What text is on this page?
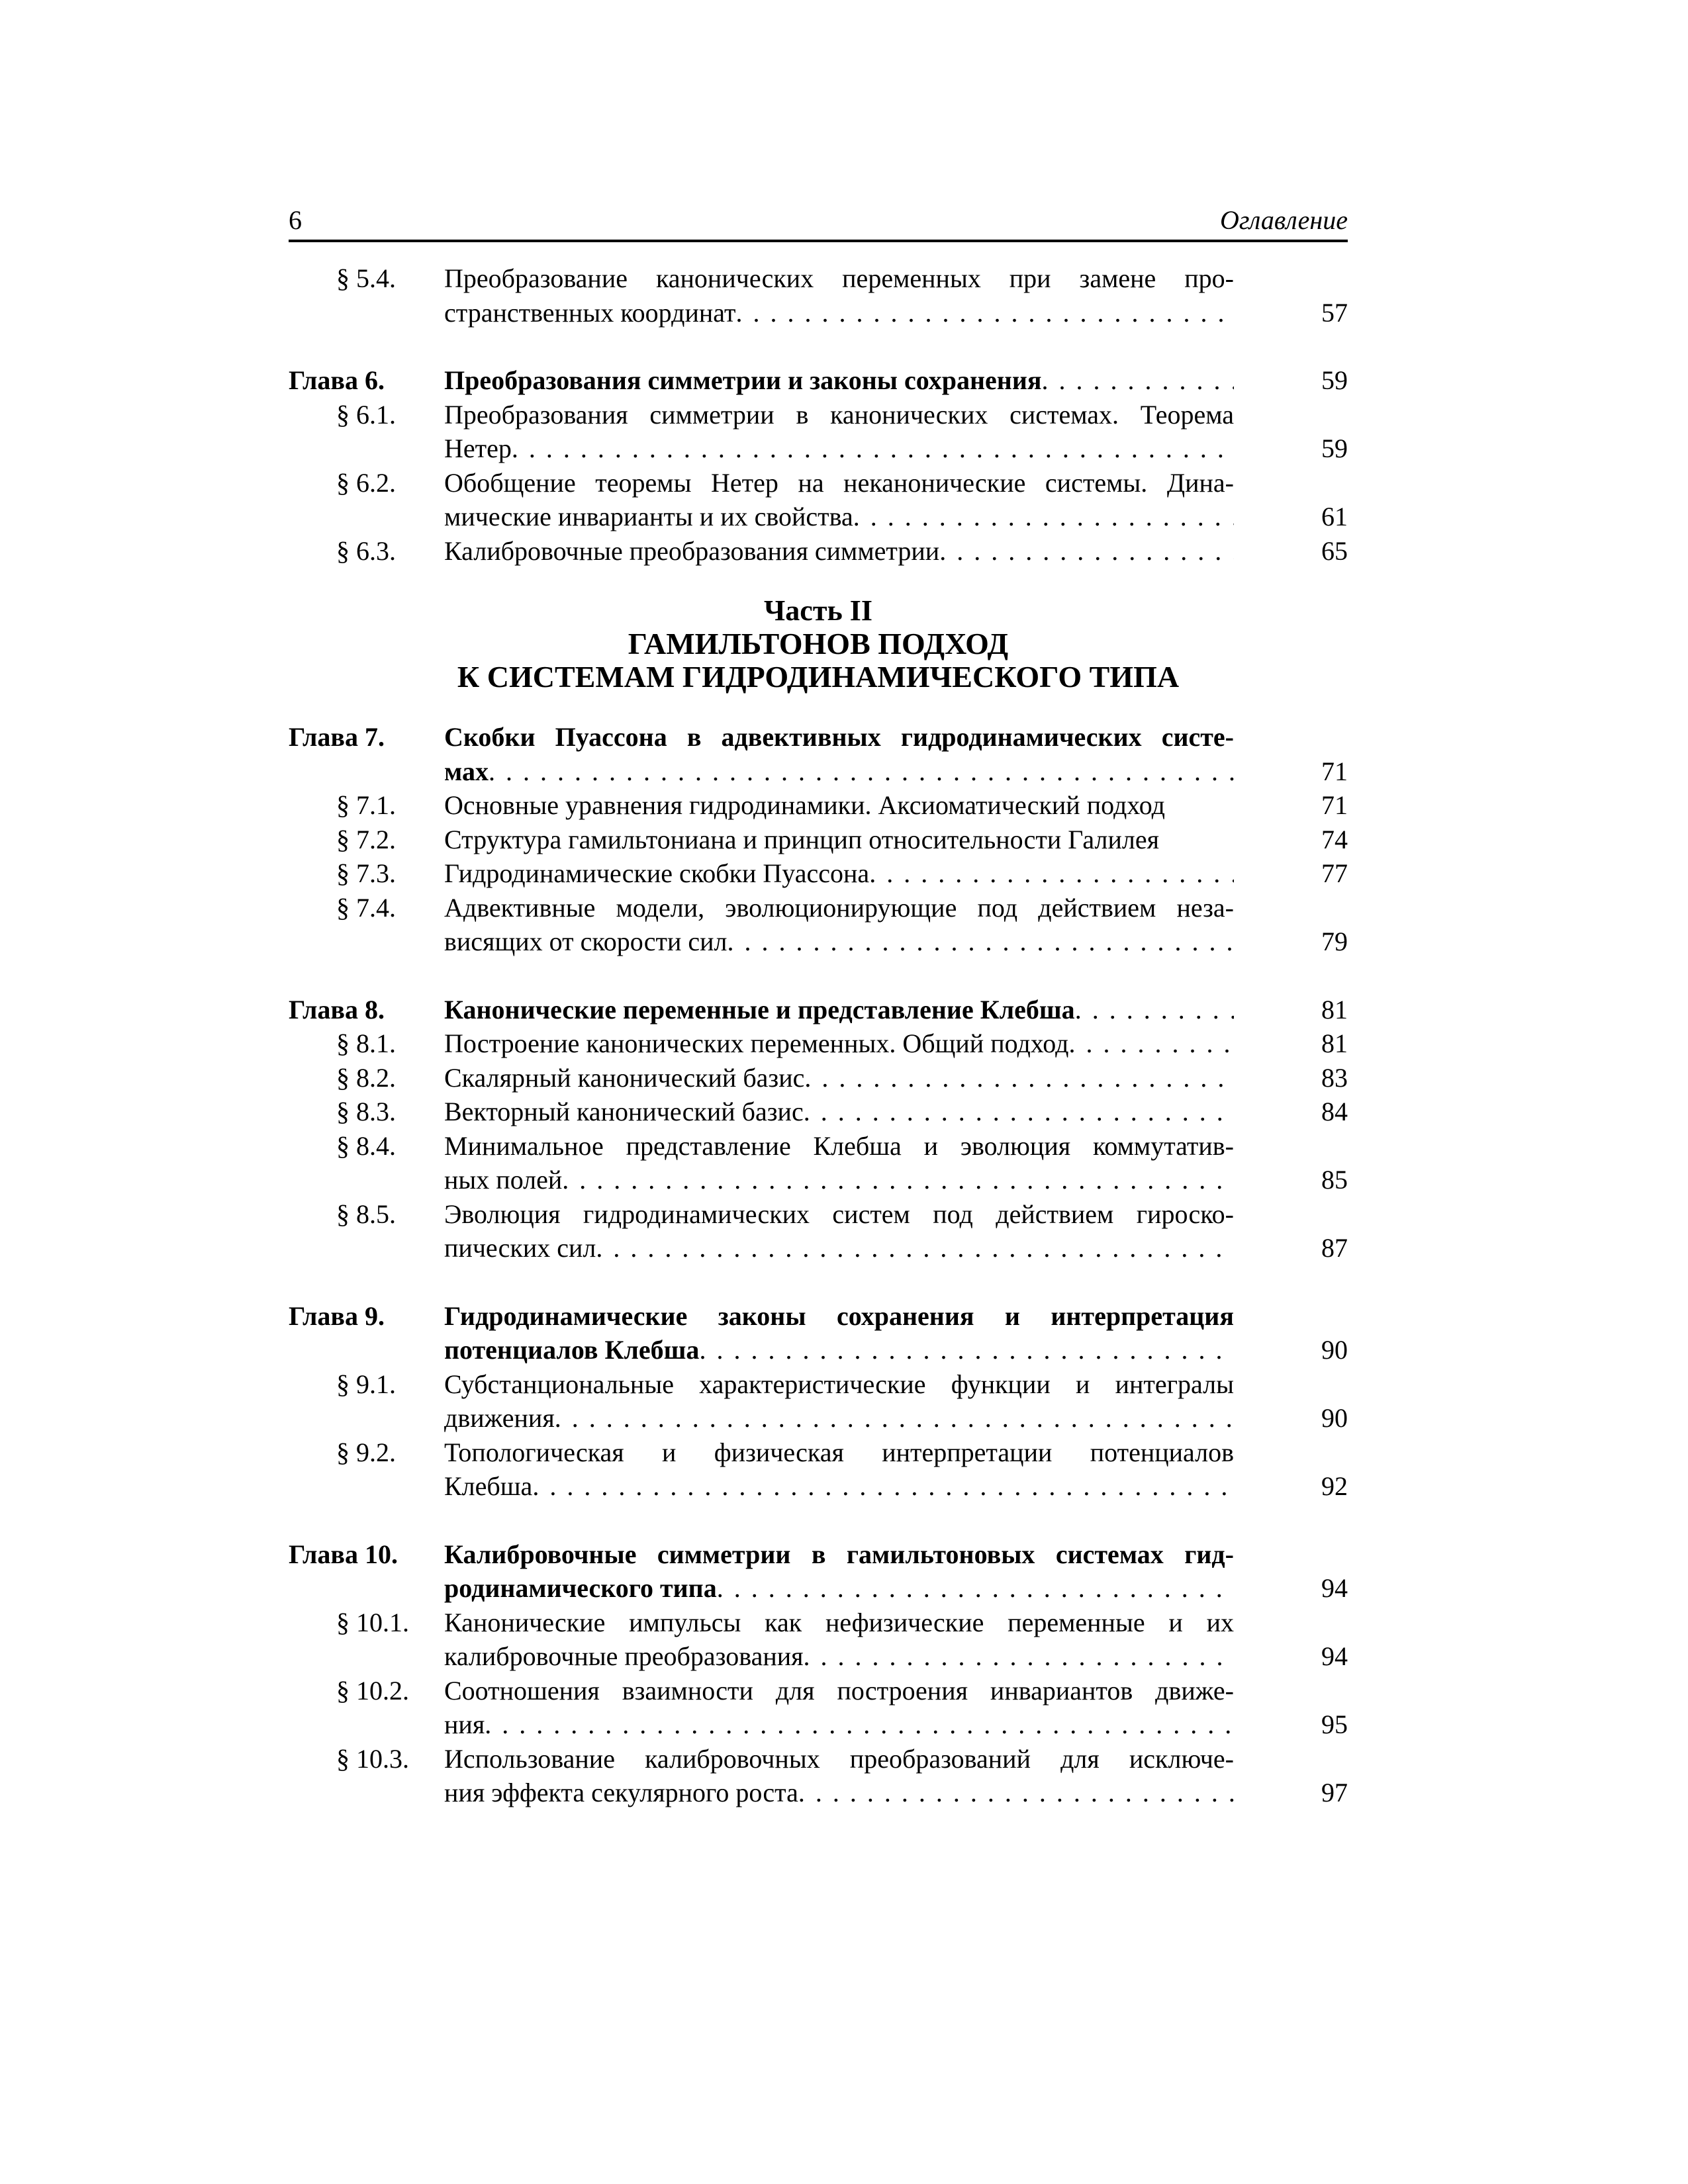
6	Оглавление
§ 5.4. Преобразование канонических переменных при замене про-
странственных координат . . .	57
Глава 6. Преобразования симметрии и законы сохранения . . .	59
§ 6.1. Преобразования симметрии в канонических системах. Теорема
Нетер . . .	59
§ 6.2. Обобщение теоремы Нетер на неканонические системы. Дина-
мические инварианты и их свойства . . .	61
§ 6.3. Калибровочные преобразования симметрии . . .	65
Часть II
ГАМИЛЬТОНОВ ПОДХОД
К СИСТЕМАМ ГИДРОДИНАМИЧЕСКОГО ТИПА
Глава 7. Скобки Пуассона в адвективных гидродинамических систе-
мах . . .	71
§ 7.1. Основные уравнения гидродинамики. Аксиоматический подход	71
§ 7.2. Структура гамильтониана и принцип относительности Галилея	74
§ 7.3. Гидродинамические скобки Пуассона . . .	77
§ 7.4. Адвективные модели, эволюционирующие под действием неза-
висящих от скорости сил . . .	79
Глава 8. Канонические переменные и представление Клебша . . .	81
§ 8.1. Построение канонических переменных. Общий подход . . .	81
§ 8.2. Скалярный канонический базис . . .	83
§ 8.3. Векторный канонический базис . . .	84
§ 8.4. Минимальное представление Клебша и эволюция коммутатив-
ных полей . . .	85
§ 8.5. Эволюция гидродинамических систем под действием гироско-
пических сил . . .	87
Глава 9. Гидродинамические законы сохранения и интерпретация
потенциалов Клебша . . .	90
§ 9.1. Субстанциональные характеристические функции и интегралы
движения . . .	90
§ 9.2. Топологическая и физическая интерпретации потенциалов
Клебша . . .	92
Глава 10. Калибровочные симметрии в гамильтоновых системах гид-
родинамического типа . . .	94
§ 10.1. Канонические импульсы как нефизические переменные и их
калибровочные преобразования . . .	94
§ 10.2. Соотношения взаимности для построения инвариантов движе-
ния . . .	95
§ 10.3. Использование калибровочных преобразований для исключе-
ния эффекта секулярного роста . . .	97
